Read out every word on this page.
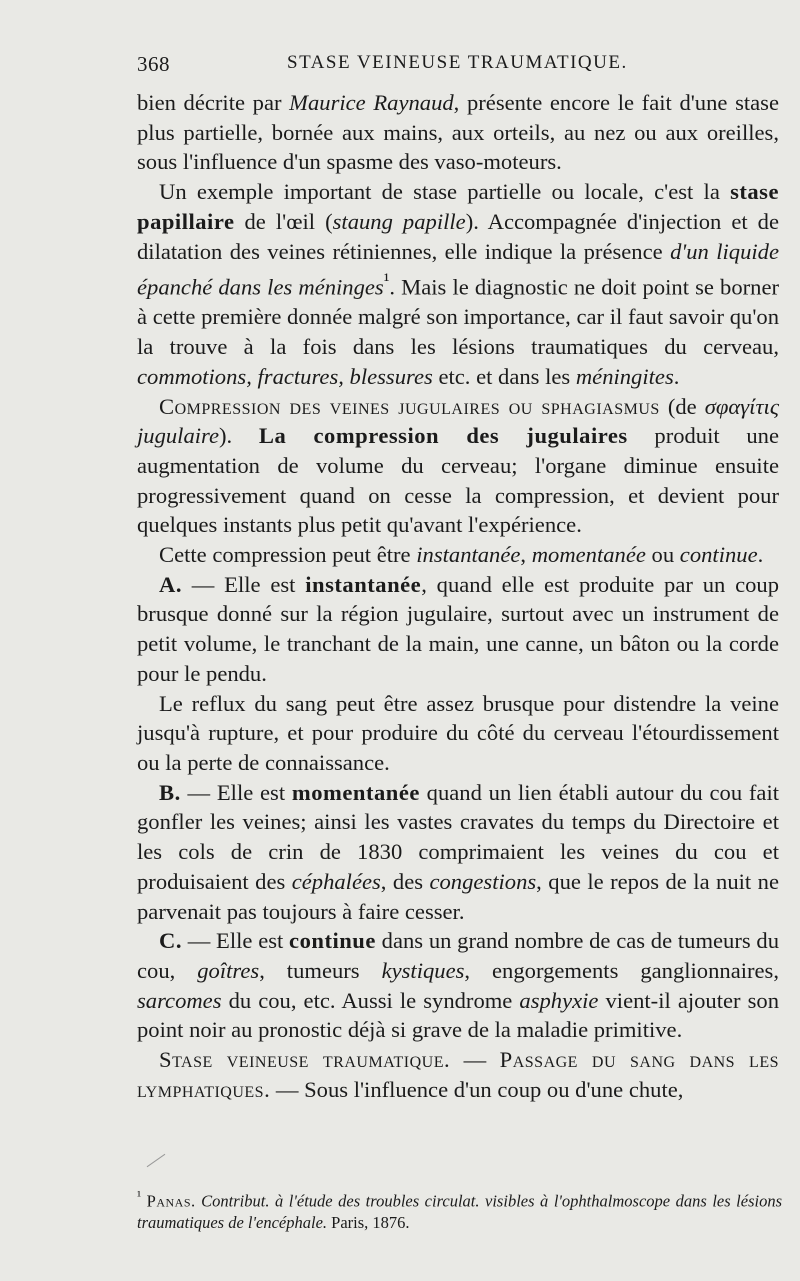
368	STASE VEINEUSE TRAUMATIQUE.

bien décrite par Maurice Raynaud, présente encore le fait d'une stase plus partielle, bornée aux mains, aux orteils, au nez ou aux oreilles, sous l'influence d'un spasme des vaso-moteurs.

Un exemple important de stase partielle ou locale, c'est la stase papillaire de l'œil (staung papille). Accompagnée d'injection et de dilatation des veines rétiniennes, elle indique la présence d'un liquide épanché dans les méninges$^{^1}$. Mais le diagnostic ne doit point se borner à cette première donnée malgré son importance, car il faut savoir qu'on la trouve à la fois dans les lésions traumatiques du cerveau, commotions, fractures, blessures etc. et dans les méningites.

Compression des veines jugulaires ou sphagiasmus (de σφαγίτις jugulaire). La compression des jugulaires produit une augmentation de volume du cerveau; l'organe diminue ensuite progressivement quand on cesse la compression, et devient pour quelques instants plus petit qu'avant l'expérience.

Cette compression peut être instantanée, momentanée ou continue.

A. — Elle est instantanée, quand elle est produite par un coup brusque donné sur la région jugulaire, surtout avec un instrument de petit volume, le tranchant de la main, une canne, un bâton ou la corde pour le pendu.

Le reflux du sang peut être assez brusque pour distendre la veine jusqu'à rupture, et pour produire du côté du cerveau l'étourdissement ou la perte de connaissance.

B. — Elle est momentanée quand un lien établi autour du cou fait gonfler les veines; ainsi les vastes cravates du temps du Directoire et les cols de crin de 1830 comprimaient les veines du cou et produisaient des céphalées, des congestions, que le repos de la nuit ne parvenait pas toujours à faire cesser.

C. — Elle est continue dans un grand nombre de cas de tumeurs du cou, goîtres, tumeurs kystiques, engorgements ganglionnaires, sarcomes du cou, etc. Aussi le syndrome asphyxie vient-il ajouter son point noir au pronostic déjà si grave de la maladie primitive.

Stase veineuse traumatique. — Passage du sang dans les lymphatiques. — Sous l'influence d'un coup ou d'une chute,

$^{^1}$ Panas. Contribut. à l'étude des troubles circulat. visibles à l'ophthalmoscope dans les lésions traumatiques de l'encéphale. Paris, 1876.
